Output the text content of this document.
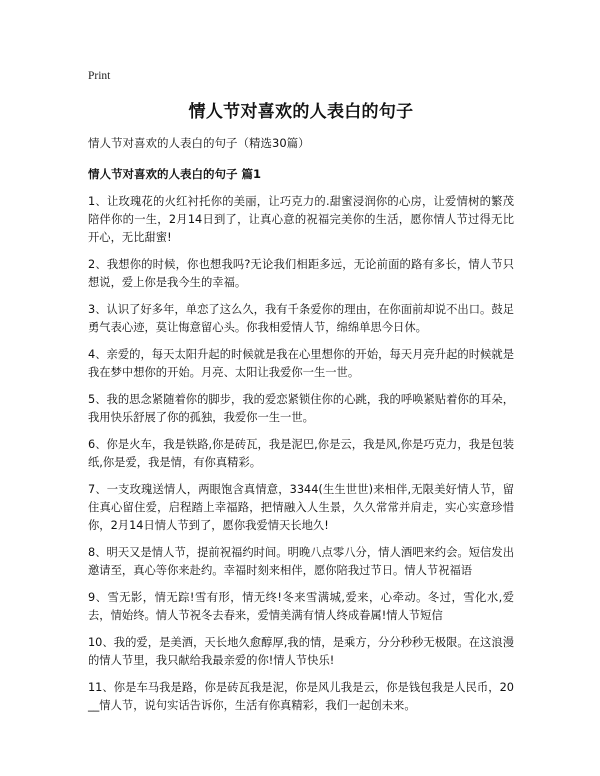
Print

情人节对喜欢的人表白的句子

情人节对喜欢的人表白的句子（精选30篇）

情人节对喜欢的人表白的句子 篇1

1、让玫瑰花的火红衬托你的美丽，让巧克力的.甜蜜浸润你的心房，让爱情树的繁茂陪伴你的一生，2月14日到了，让真心意的祝福完美你的生活，愿你情人节过得无比开心，无比甜蜜!

2、我想你的时候，你也想我吗?无论我们相距多远，无论前面的路有多长，情人节只想说，爱上你是我今生的幸福。

3、认识了好多年，单恋了这么久，我有千条爱你的理由，在你面前却说不出口。鼓足勇气表心迹，莫让悔意留心头。你我相爱情人节，绵绵单思今日休。

4、亲爱的，每天太阳升起的时候就是我在心里想你的开始，每天月亮升起的时候就是我在梦中想你的开始。月亮、太阳让我爱你一生一世。

5、我的思念紧随着你的脚步，我的爱恋紧锁住你的心跳，我的呼唤紧贴着你的耳朵，我用快乐舒展了你的孤独，我爱你一生一世。

6、你是火车，我是铁路,你是砖瓦，我是泥巴,你是云，我是风,你是巧克力，我是包装纸,你是爱，我是情，有你真精彩。

7、一支玫瑰送情人，两眼饱含真情意，3344(生生世世)来相伴,无限美好情人节，留住真心留住爱，启程踏上幸福路，把情融入人生景，久久常常并肩走，实心实意珍惜你，2月14日情人节到了，愿你我爱情天长地久!

8、明天又是情人节，提前祝福约时间。明晚八点零八分，情人酒吧来约会。短信发出邀请至，真心等你来赴约。幸福时刻来相伴，愿你陪我过节日。情人节祝福语

9、雪无影，情无踪!雪有形，情无终!冬来雪满城,爱来，心牵动。冬过，雪化水,爱去，情始终。情人节祝冬去春来，爱情美满有情人终成眷属!情人节短信

10、我的爱，是美酒，天长地久愈醇厚,我的情，是乘方，分分秒秒无极限。在这浪漫的情人节里，我只献给我最亲爱的你!情人节快乐!

11、你是车马我是路，你是砖瓦我是泥，你是风儿我是云，你是钱包我是人民币，20__情人节，说句实话告诉你，生活有你真精彩，我们一起创未来。
